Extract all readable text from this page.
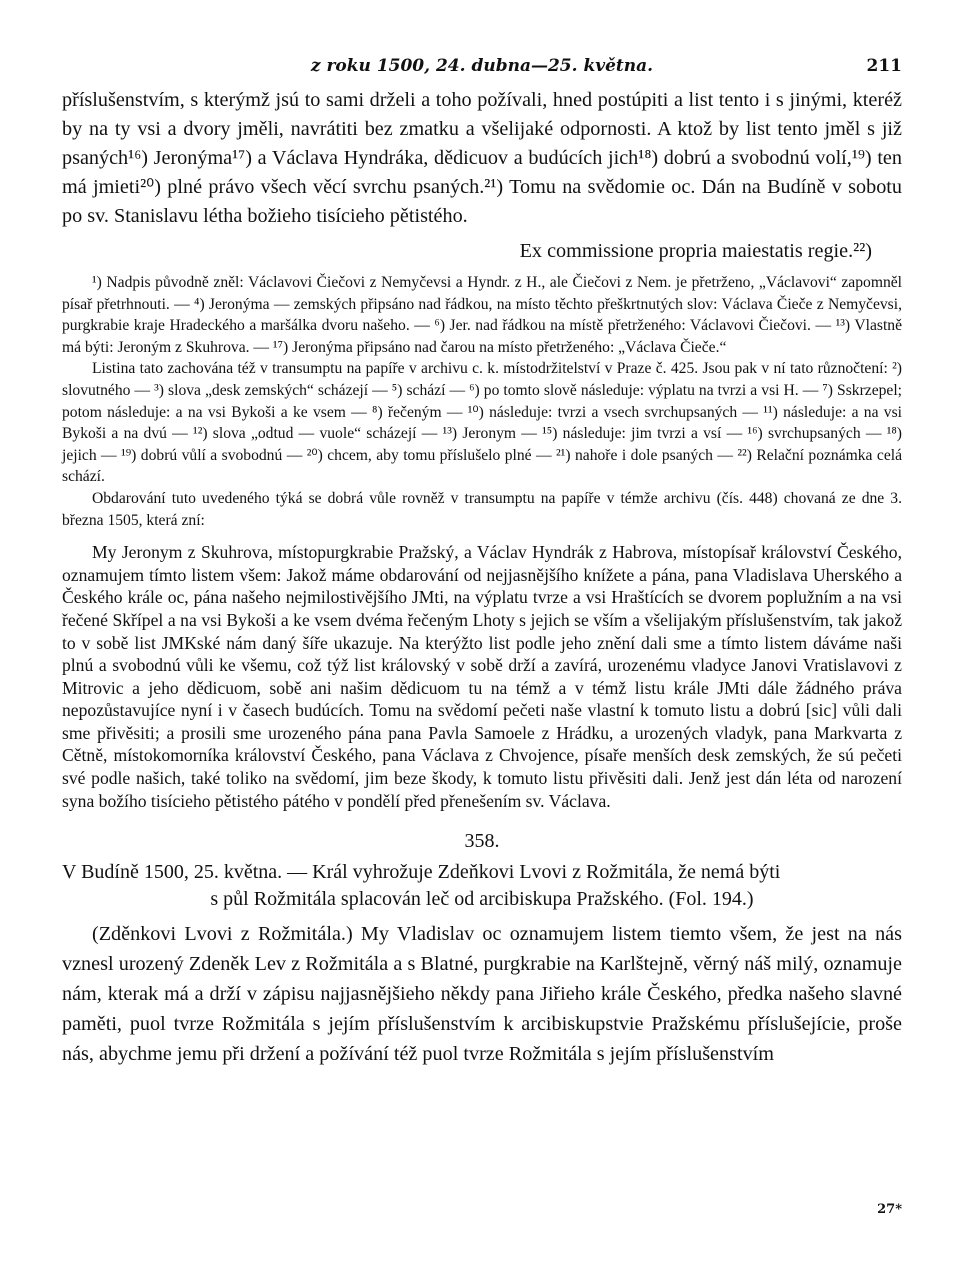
z roku 1500, 24. dubna—25. května.	211

příslušenstvím, s kterýmž jsú to sami drželi a toho požívali, hned postúpiti a list tento i s jinými, kteréž by na ty vsi a dvory jměli, navrátiti bez zmatku a všelijaké odpornosti. A ktož by list tento jměl s již psaných¹⁶) Jeronýma¹⁷) a Václava Hyndráka, dědicuov a budúcích jich¹⁸) dobrú a svobodnú volí,¹⁹) ten má jmieti²⁰) plné právo všech věcí svrchu psaných.²¹) Tomu na svědomie oc. Dán na Budíně v sobotu po sv. Stanislavu létha božieho tisícieho pětistého.

Ex commissione propria maiestatis regie.²²)

¹) Nadpis původně zněl: Václavovi Čiečovi z Nemyčevsi a Hyndr. z H., ale Čiečovi z Nem. je přetrženo, „Václavovi“ zapomněl písař přetrhnouti. — ⁴) Jeronýma — zemských připsáno nad řádkou, na místo těchto přeškrtnutých slov: Václava Čieče z Nemyčevsi, purgkrabie kraje Hradeckého a maršálka dvoru našeho. — ⁶) Jer. nad řádkou na místě přetrženého: Václavovi Čiečovi. — ¹³) Vlastně má býti: Jeroným z Skuhrova. — ¹⁷) Jeronýma připsáno nad čarou na místo přetrženého: „Václava Čieče.“

Listina tato zachována též v transumptu na papíře v archivu c. k. místodržitelství v Praze č. 425. Jsou pak v ní tato různočtení: ²) slovutného — ³) slova „desk zemských“ scházejí — ⁵) schází — ⁶) po tomto slově následuje: výplatu na tvrzi a vsi H. — ⁷) Sskrzepel; potom následuje: a na vsi Bykoši a ke vsem — ⁸) řečeným — ¹⁰) následuje: tvrzi a vsech svrchupsaných — ¹¹) následuje: a na vsi Bykoši a na dvú — ¹²) slova „odtud — vuole“ scházejí — ¹³) Jeronym — ¹⁵) následuje: jim tvrzi a vsí — ¹⁶) svrchupsaných — ¹⁸) jejich — ¹⁹) dobrú vůlí a svobodnú — ²⁰) chcem, aby tomu příslušelo plné — ²¹) nahoře i dole psaných — ²²) Relační poznámka celá schází.

Obdarování tuto uvedeného týká se dobrá vůle rovněž v transumptu na papíře v témže archivu (čís. 448) chovaná ze dne 3. března 1505, která zní:

My Jeronym z Skuhrova, místopurgkrabie Pražský, a Václav Hyndrák z Habrova, místopísař království Českého, oznamujem tímto listem všem: Jakož máme obdarování od nejjasnějšího knížete a pána, pana Vladislava Uherského a Českého krále oc, pána našeho nejmilostivějšího JMti, na výplatu tvrze a vsi Hraštících se dvorem poplužním a na vsi řečené Skřípel a na vsi Bykoši a ke vsem dvéma řečeným Lhoty s jejich se vším a všelijakým příslušenstvím, tak jakož to v sobě list JMKské nám daný šíře ukazuje. Na kterýžto list podle jeho znění dali sme a tímto listem dáváme naši plnú a svobodnú vůli ke všemu, což týž list královský v sobě drží a zavírá, urozenému vladyce Janovi Vratislavovi z Mitrovic a jeho dědicuom, sobě ani našim dědicuom tu na témž a v témž listu krále JMti dále žádného práva nepozůstavujíce nyní i v časech budúcích. Tomu na svědomí pečeti naše vlastní k tomuto listu a dobrú [sic] vůli dali sme přivěsiti; a prosili sme urozeného pána pana Pavla Samoele z Hrádku, a urozených vladyk, pana Markvarta z Cětně, místokomorníka království Českého, pana Václava z Chvojence, písaře menších desk zemských, že sú pečeti své podle našich, také toliko na svědomí, jim beze škody, k tomuto listu přivěsiti dali. Jenž jest dán léta od narození syna božího tisícieho pětistého pátého v pondělí před přenešením sv. Václava.

358.

V Budíně 1500, 25. května. — Král vyhrožuje Zdeňkovi Lvovi z Rožmitála, že nemá býti
s půl Rožmitála splacován leč od arcibiskupa Pražského. (Fol. 194.)

(Zděnkovi Lvovi z Rožmitála.) My Vladislav oc oznamujem listem tiemto všem, že jest na nás vznesl urozený Zdeněk Lev z Rožmitála a s Blatné, purgkrabie na Karlštejně, věrný náš milý, oznamuje nám, kterak má a drží v zápisu najjasnějšieho někdy pana Jiřieho krále Českého, předka našeho slavné paměti, puol tvrze Rožmitála s jejím příslušenstvím k arcibiskupstvie Pražskému příslušejície, proše nás, abychme jemu při držení a požívání též puol tvrze Rožmitála s jejím příslušenstvím

27*
